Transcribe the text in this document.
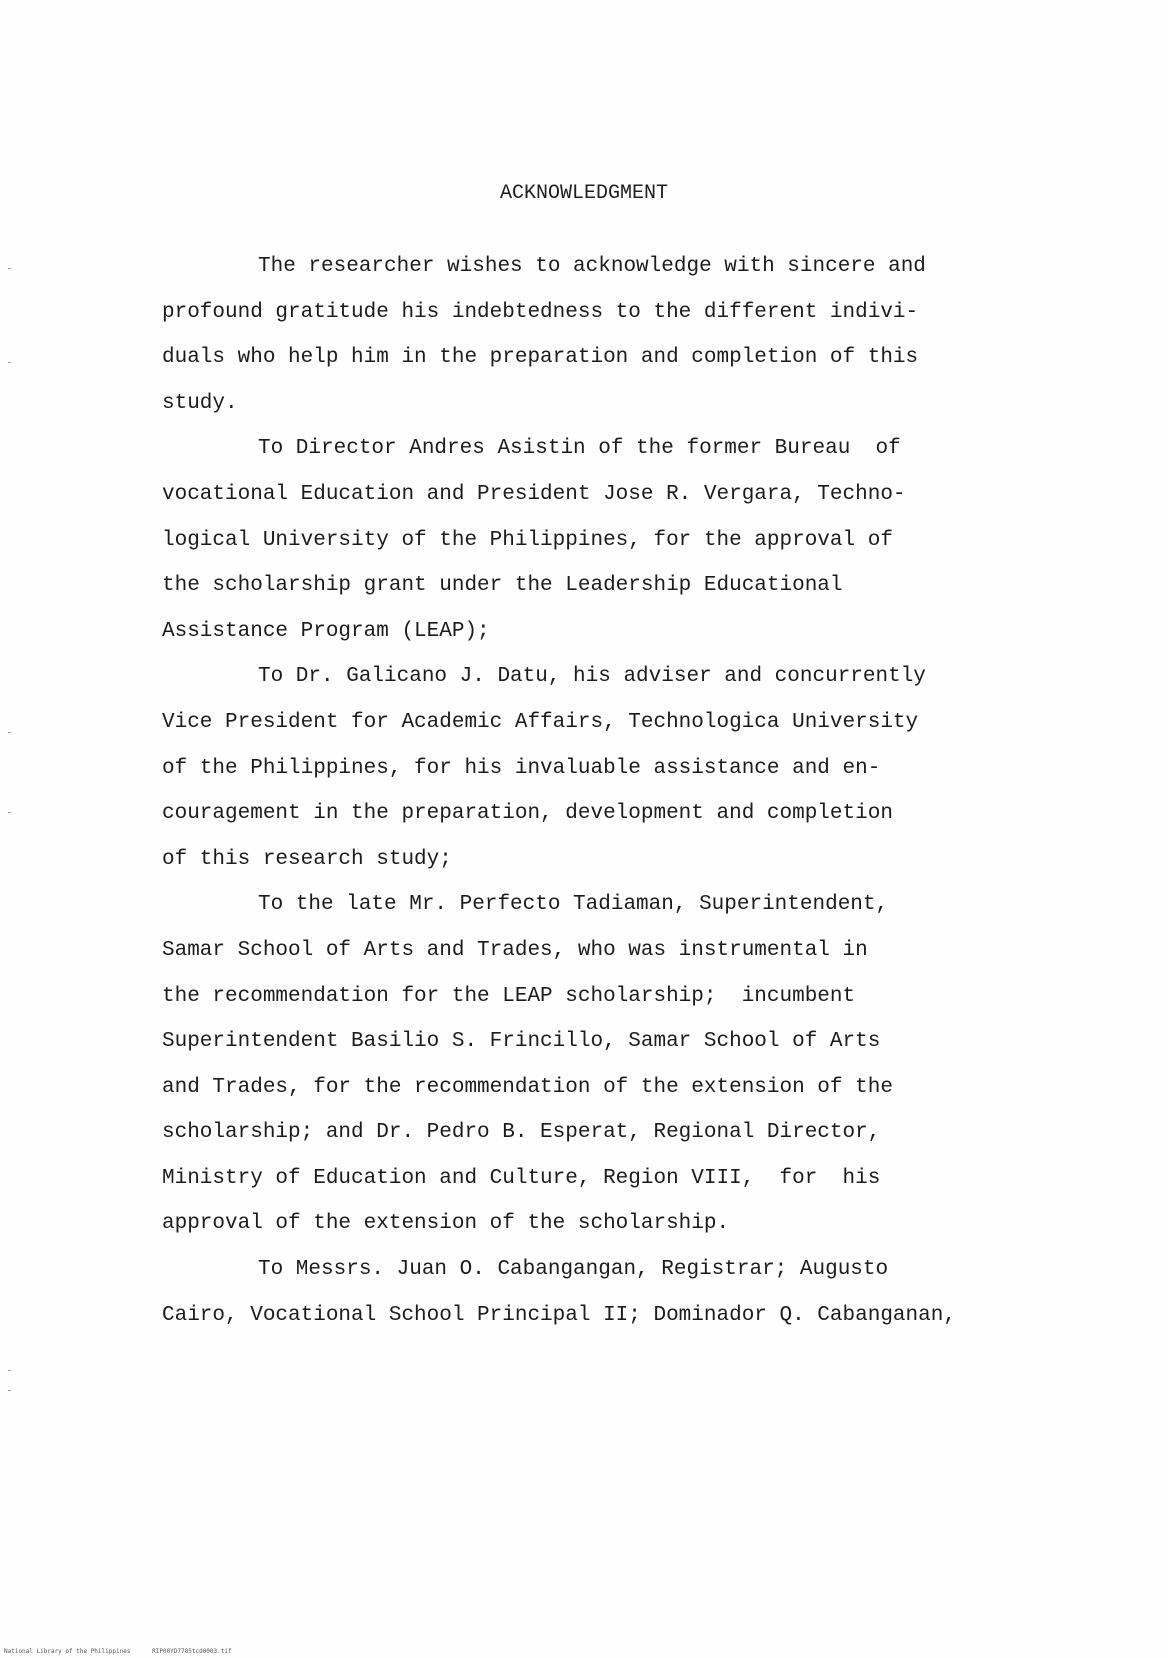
ACKNOWLEDGMENT
The researcher wishes to acknowledge with sincere and
profound gratitude his indebtedness to the different indivi-
duals who help him in the preparation and completion of this
study.
To Director Andres Asistin of the former Bureau  of
vocational Education and President Jose R. Vergara, Techno-
logical University of the Philippines, for the approval of
the scholarship grant under the Leadership Educational
Assistance Program (LEAP);
To Dr. Galicano J. Datu, his adviser and concurrently
Vice President for Academic Affairs, Technologica University
of the Philippines, for his invaluable assistance and en-
couragement in the preparation, development and completion
of this research study;
To the late Mr. Perfecto Tadiaman, Superintendent,
Samar School of Arts and Trades, who was instrumental in
the recommendation for the LEAP scholarship;  incumbent
Superintendent Basilio S. Frincillo, Samar School of Arts
and Trades, for the recommendation of the extension of the
scholarship; and Dr. Pedro B. Esperat, Regional Director,
Ministry of Education and Culture, Region VIII,  for  his
approval of the extension of the scholarship.
To Messrs. Juan O. Cabangangan, Registrar; Augusto
Cairo, Vocational School Principal II; Dominador Q. Cabanganan,
National Library of the Philippines	RIP00YD7785tcd0003.tif
